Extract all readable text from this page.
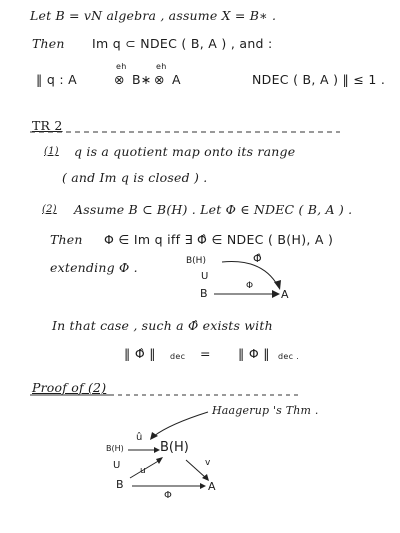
Let B = vN algebra , assume X = B∗ .
Then Im q ⊂ NDEC ( B, A ) , and :
‖ q : A	⊗
eh
B∗ ⊗
eh
A	NDEC ( B, A ) ‖ ≤ 1 .
TR 2
(1) q is a quotient map onto its range
( and Im q is closed ) .
(2) Assume B ⊂ B(H) . Let Φ ∈ NDEC ( B, A ) .
Then Φ ∈ Im q iff ∃ Φ̂ ∈ NDEC ( B(H), A )
extending Φ .	B(H)	Φ̂
U
B
Φ
A
In that case , such a Φ̂ exists with
‖ Φ̂ ‖ dec = ‖ Φ ‖ dec .
Proof of (2)
Haagerup 's Thm .
B(H)
û
B(H)
U u
v
B	A
Φ
